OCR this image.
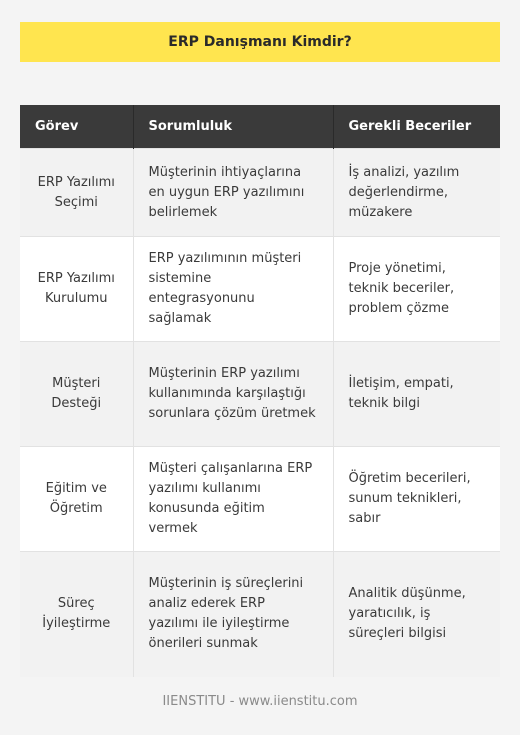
ERP Danışmanı Kimdir?
Görev	Sorumluluk	Gerekli Beceriler
ERP Yazılımı Seçimi	Müşterinin ihtiyaçlarına en uygun ERP yazılımını belirlemek	İş analizi, yazılım değerlendirme, müzakere
ERP Yazılımı Kurulumu	ERP yazılımının müşteri sistemine entegrasyonunu sağlamak	Proje yönetimi, teknik beceriler, problem çözme
Müşteri Desteği	Müşterinin ERP yazılımı kullanımında karşılaştığı sorunlara çözüm üretmek	İletişim, empati, teknik bilgi
Eğitim ve Öğretim	Müşteri çalışanlarına ERP yazılımı kullanımı konusunda eğitim vermek	Öğretim becerileri, sunum teknikleri, sabır
Süreç İyileştirme	Müşterinin iş süreçlerini analiz ederek ERP yazılımı ile iyileştirme önerileri sunmak	Analitik düşünme, yaratıcılık, iş süreçleri bilgisi
IIENSTITU - www.iienstitu.com
